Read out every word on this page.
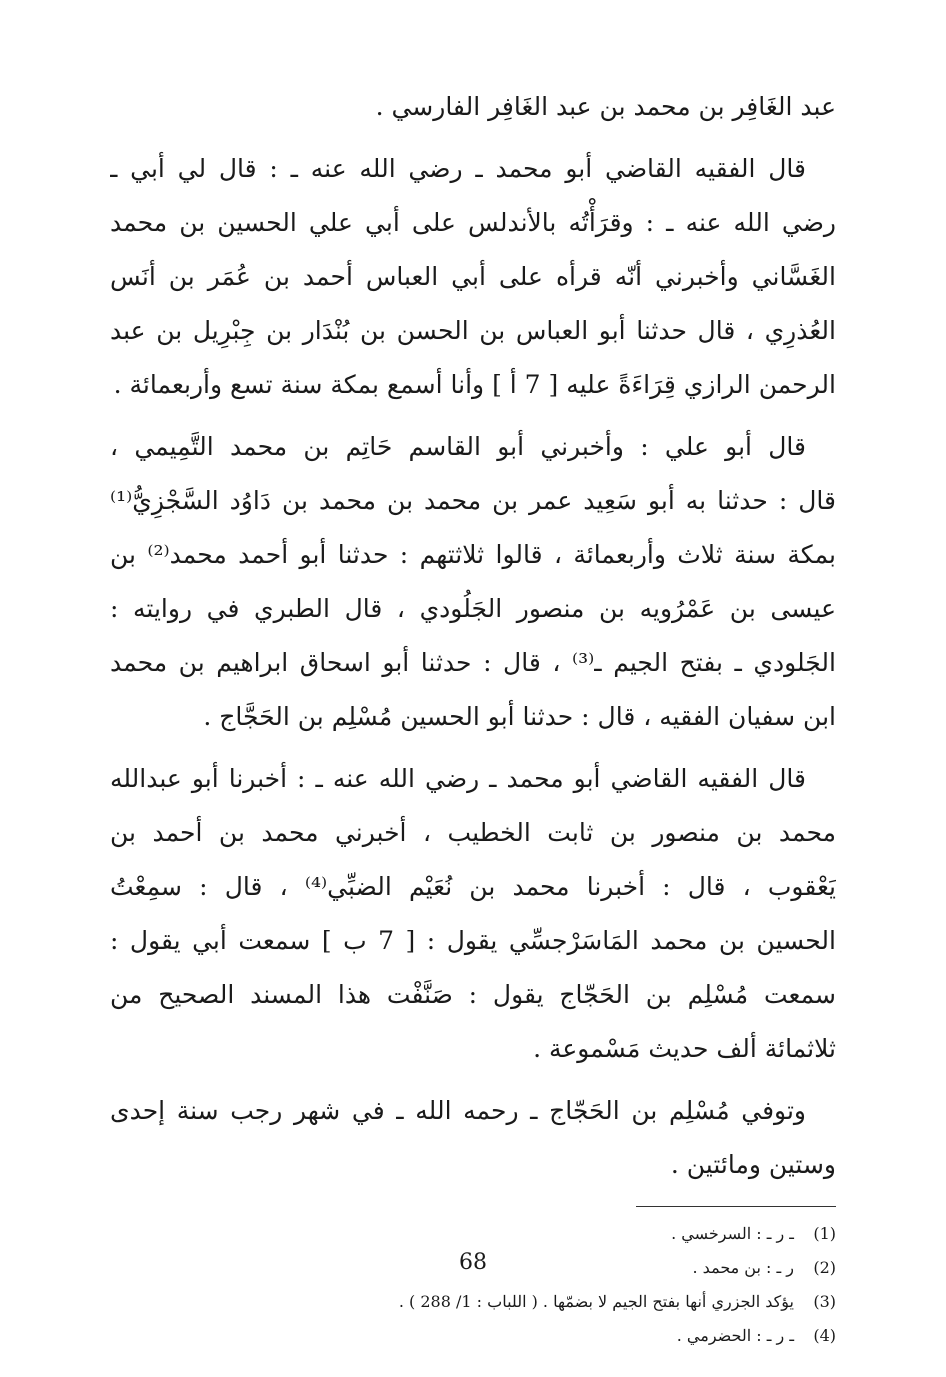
عبد الغَافِر بن محمد بن عبد الغَافِر الفارسي .
قال الفقيه القاضي أبو محمد ـ رضي الله عنه ـ : قال لي أبي ـ
رضي الله عنه ـ : وقرَأْتُه بالأندلس على أبي علي الحسين بن محمد
الغَسَّاني وأخبرني أنّه قرأه على أبي العباس أحمد بن عُمَر بن أنَس
العُذرِي ، قال حدثنا أبو العباس بن الحسن بن بُنْدَار بن جِبْرِيل بن عبد
الرحمن الرازي قِرَاءَةً عليه [ 7 أ ] وأنا أسمع بمكة سنة تسع وأربعمائة .
قال أبو علي : وأخبرني أبو القاسم حَاتِم بن محمد التَّمِيمي ،
قال : حدثنا به أبو سَعِيد عمر بن محمد بن محمد بن دَاوُد السَّجْزِيُّ⁽¹⁾
بمكة سنة ثلاث وأربعمائة ، قالوا ثلاثتهم : حدثنا أبو أحمد محمد⁽²⁾ بن
عيسى بن عَمْرُويه بن منصور الجَلُودي ، قال الطبري في روايته :
الجَلودي ـ بفتح الجيم ـ⁽³⁾ ، قال : حدثنا أبو اسحاق ابراهيم بن محمد
ابن سفيان الفقيه ، قال : حدثنا أبو الحسين مُسْلِم بن الحَجَّاج .
قال الفقيه القاضي أبو محمد ـ رضي الله عنه ـ : أخبرنا أبو عبدالله
محمد بن منصور بن ثابت الخطيب ، أخبرني محمد بن أحمد بن
يَعْقوب ، قال : أخبرنا محمد بن نُعَيْم الضبِّي⁽⁴⁾ ، قال : سمِعْتُ
الحسين بن محمد المَاسَرْجسِّي يقول : [ 7 ب ] سمعت أبي يقول :
سمعت مُسْلِم بن الحَجّاج يقول : صَنَّفْت هذا المسند الصحيح من
ثلاثمائة ألف حديث مَسْموعة .
وتوفي مُسْلِم بن الحَجّاج ـ رحمه الله ـ في شهر رجب سنة إحدى
وستين ومائتين .
(1)
ـ ر ـ : السرخسي .
(2)
ر ـ : بن محمد .
(3)
يؤكد الجزري أنها بفتح الجيم لا بضمّها . ( اللباب : 1/ 288 ) .
(4)
ـ ر ـ : الحضرمي .
68
